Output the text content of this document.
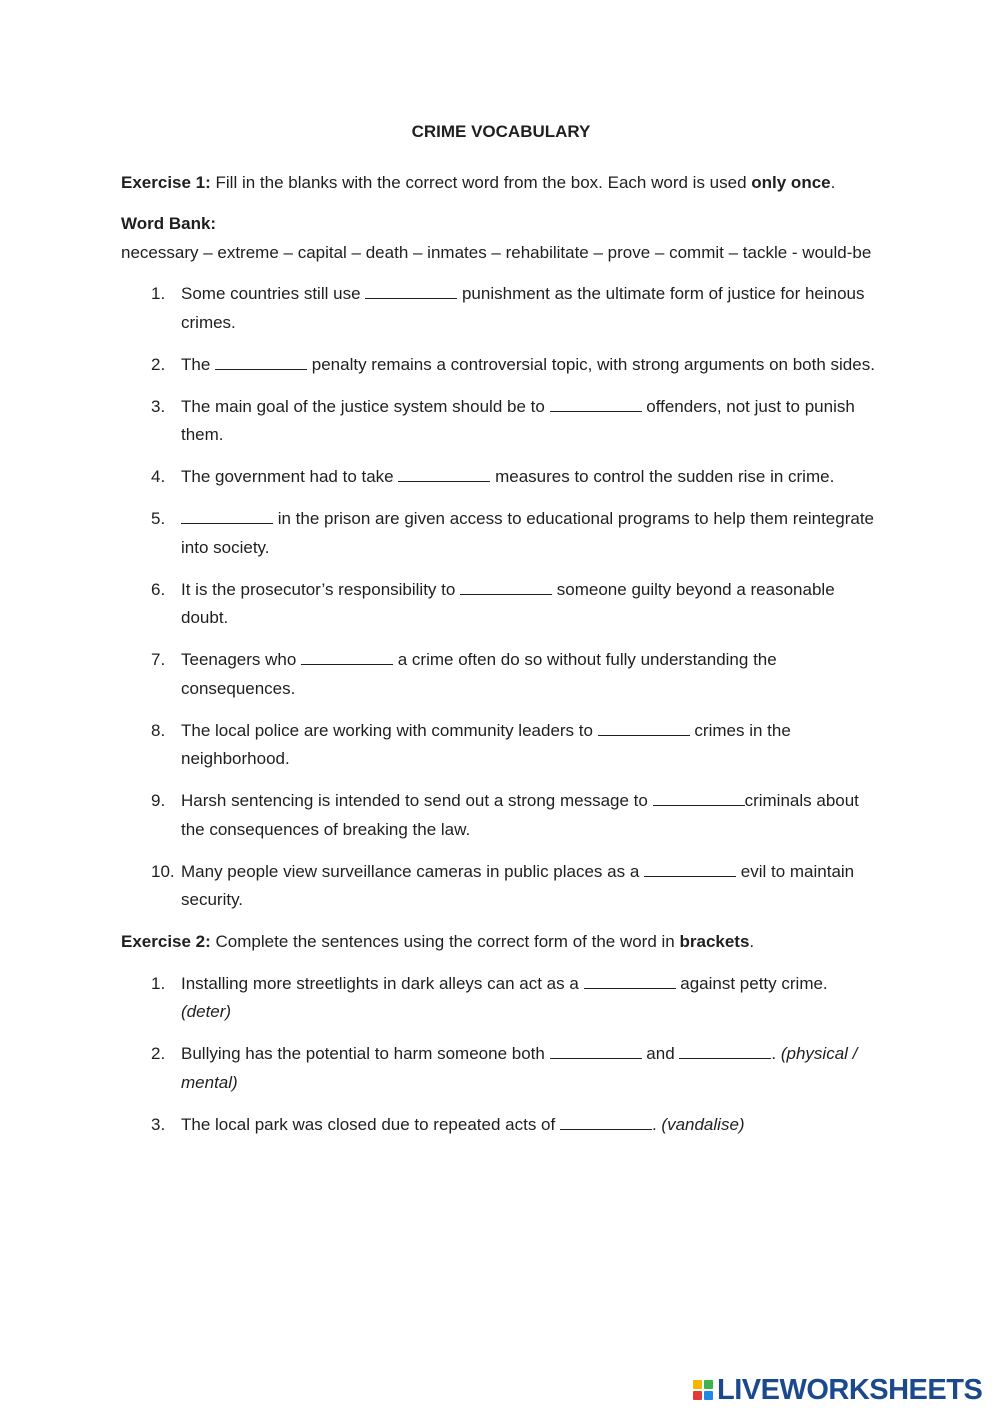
CRIME VOCABULARY

Exercise 1: Fill in the blanks with the correct word from the box. Each word is used only once.

Word Bank:

necessary – extreme – capital – death – inmates – rehabilitate – prove – commit – tackle - would-be

1. Some countries still use	punishment as the ultimate form of justice for heinous crimes.
2. The	penalty remains a controversial topic, with strong arguments on both sides.
3. The main goal of the justice system should be to	offenders, not just to punish them.
4. The government had to take	measures to control the sudden rise in crime.
5.	in the prison are given access to educational programs to help them reintegrate into society.
6. It is the prosecutor’s responsibility to	someone guilty beyond a reasonable doubt.
7. Teenagers who	a crime often do so without fully understanding the consequences.
8. The local police are working with community leaders to	crimes in the neighborhood.
9. Harsh sentencing is intended to send out a strong message to	criminals about the consequences of breaking the law.
10. Many people view surveillance cameras in public places as a	evil to maintain security.

Exercise 2: Complete the sentences using the correct form of the word in brackets.

1. Installing more streetlights in dark alleys can act as a	against petty crime. (deter)
2. Bullying has the potential to harm someone both	and	. (physical / mental)
3. The local park was closed due to repeated acts of	. (vandalise)
LIVEWORKSHEETS
